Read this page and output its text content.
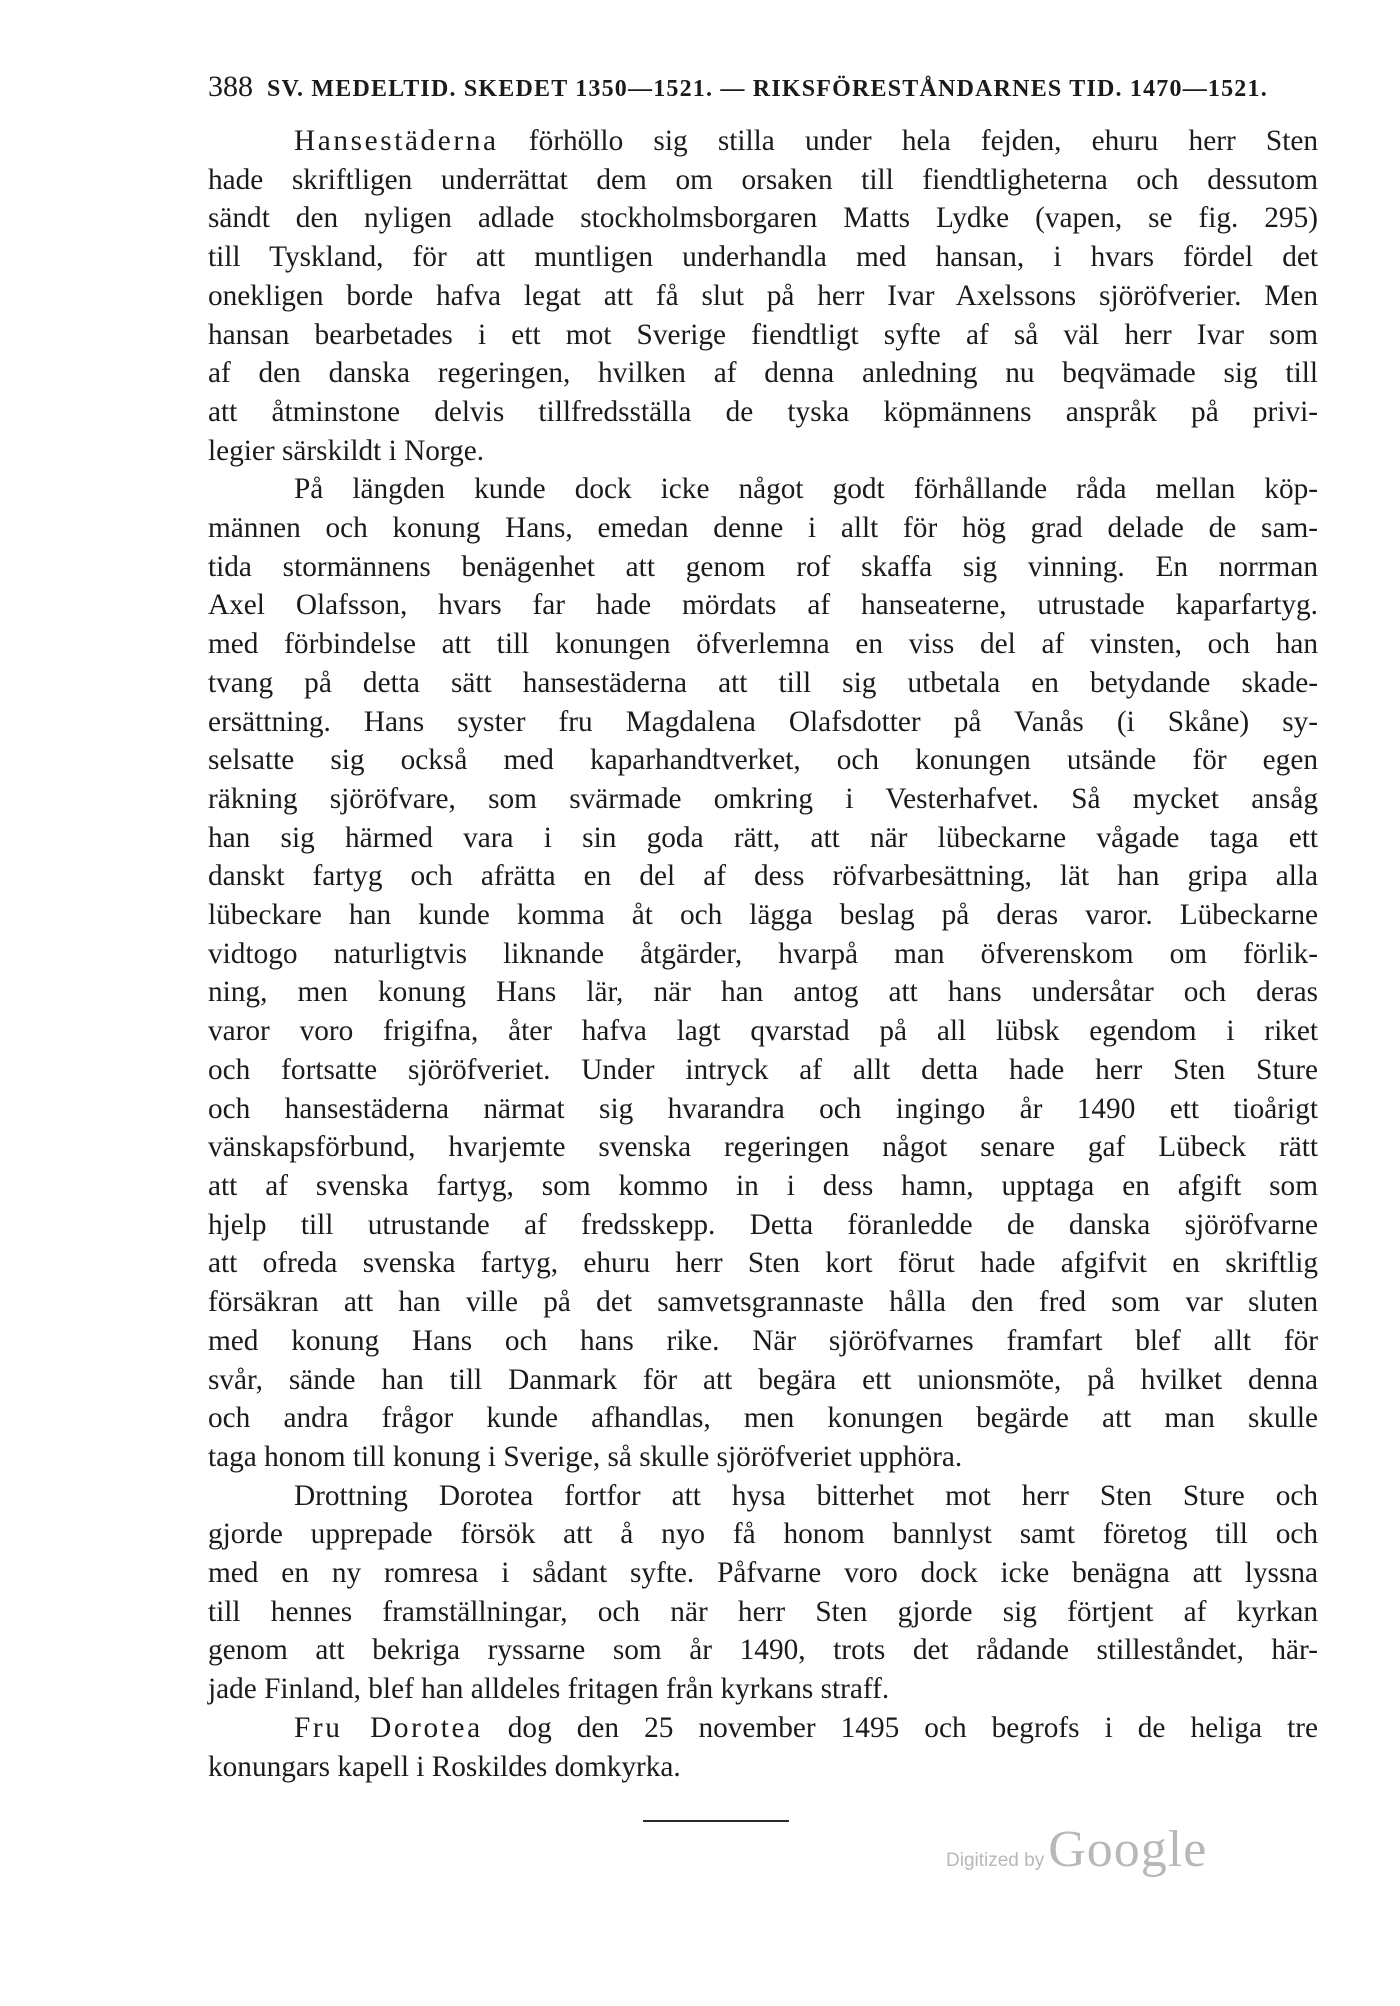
388 SV. MEDELTID. SKEDET 1350—1521. — RIKSFÖRESTÅNDARNES TID. 1470—1521.

Hansestäderna förhöllo sig stilla under hela fejden, ehuru herr Sten
hade skriftligen underrättat dem om orsaken till fiendtligheterna och dessutom
sändt den nyligen adlade stockholmsborgaren Matts Lydke (vapen, se fig. 295)
till Tyskland, för att muntligen underhandla med hansan, i hvars fördel det
onekligen borde hafva legat att få slut på herr Ivar Axelssons sjöröfverier. Men
hansan bearbetades i ett mot Sverige fiendtligt syfte af så väl herr Ivar som
af den danska regeringen, hvilken af denna anledning nu beqvämade sig till
att åtminstone delvis tillfredsställa de tyska köpmännens anspråk på privi-
legier särskildt i Norge.

På längden kunde dock icke något godt förhållande råda mellan köp-
männen och konung Hans, emedan denne i allt för hög grad delade de sam-
tida stormännens benägenhet att genom rof skaffa sig vinning. En norrman
Axel Olafsson, hvars far hade mördats af hanseaterne, utrustade kaparfartyg.
med förbindelse att till konungen öfverlemna en viss del af vinsten, och han
tvang på detta sätt hansestäderna att till sig utbetala en betydande skade-
ersättning. Hans syster fru Magdalena Olafsdotter på Vanås (i Skåne) sy-
selsatte sig också med kaparhandtverket, och konungen utsände för egen
räkning sjöröfvare, som svärmade omkring i Vesterhafvet. Så mycket ansåg
han sig härmed vara i sin goda rätt, att när lübeckarne vågade taga ett
danskt fartyg och afrätta en del af dess röfvarbesättning, lät han gripa alla
lübeckare han kunde komma åt och lägga beslag på deras varor. Lübeckarne
vidtogo naturligtvis liknande åtgärder, hvarpå man öfverenskom om förlik-
ning, men konung Hans lär, när han antog att hans undersåtar och deras
varor voro frigifna, åter hafva lagt qvarstad på all lübsk egendom i riket
och fortsatte sjöröfveriet. Under intryck af allt detta hade herr Sten Sture
och hansestäderna närmat sig hvarandra och ingingo år 1490 ett tioårigt
vänskapsförbund, hvarjemte svenska regeringen något senare gaf Lübeck rätt
att af svenska fartyg, som kommo in i dess hamn, upptaga en afgift som
hjelp till utrustande af fredsskepp. Detta föranledde de danska sjöröfvarne
att ofreda svenska fartyg, ehuru herr Sten kort förut hade afgifvit en skriftlig
försäkran att han ville på det samvetsgrannaste hålla den fred som var sluten
med konung Hans och hans rike. När sjöröfvarnes framfart blef allt för
svår, sände han till Danmark för att begära ett unionsmöte, på hvilket denna
och andra frågor kunde afhandlas, men konungen begärde att man skulle
taga honom till konung i Sverige, så skulle sjöröfveriet upphöra.

Drottning Dorotea fortfor att hysa bitterhet mot herr Sten Sture och
gjorde upprepade försök att å nyo få honom bannlyst samt företog till och
med en ny romresa i sådant syfte. Påfvarne voro dock icke benägna att lyssna
till hennes framställningar, och när herr Sten gjorde sig förtjent af kyrkan
genom att bekriga ryssarne som år 1490, trots det rådande stilleståndet, här-
jade Finland, blef han alldeles fritagen från kyrkans straff.

Fru Dorotea dog den 25 november 1495 och begrofs i de heliga tre
konungars kapell i Roskildes domkyrka.

Digitized by Google
